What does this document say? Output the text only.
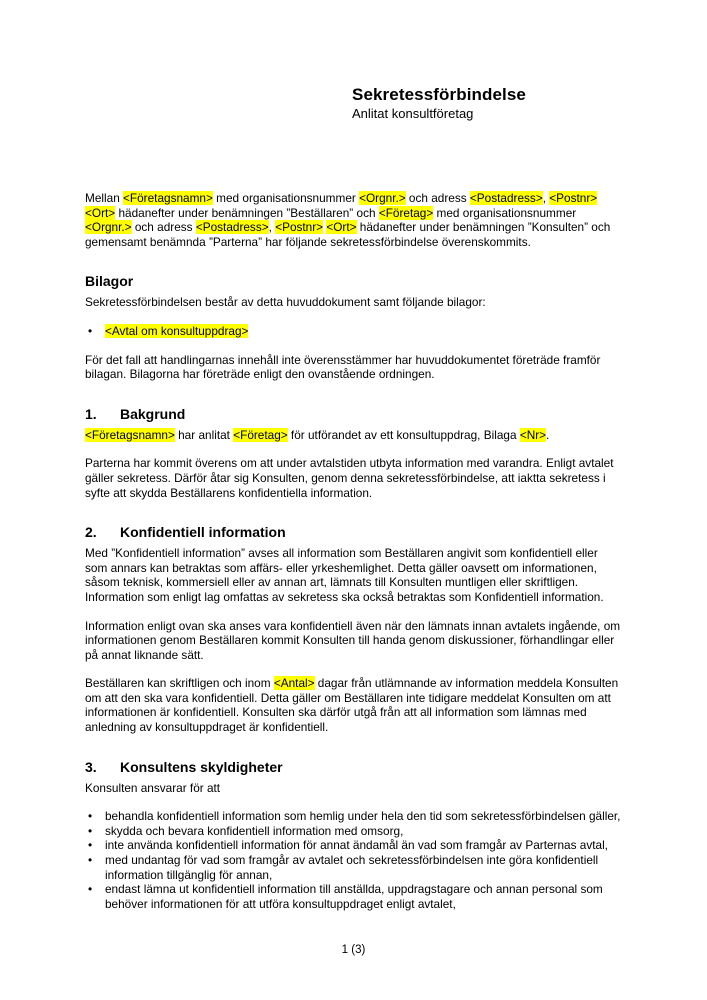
Sekretessförbindelse
Anlitat konsultföretag

Mellan <Företagsnamn> med organisationsnummer <Orgnr.> och adress <Postadress>, <Postnr> <Ort> hädanefter under benämningen ”Beställaren” och <Företag> med organisationsnummer <Orgnr.> och adress <Postadress>, <Postnr> <Ort> hädanefter under benämningen ”Konsulten” och gemensamt benämnda ”Parterna” har följande sekretessförbindelse överenskommits.

Bilagor

Sekretessförbindelsen består av detta huvuddokument samt följande bilagor:

• <Avtal om konsultuppdrag>

För det fall att handlingarnas innehåll inte överensstämmer har huvuddokumentet företräde framför bilagan. Bilagorna har företräde enligt den ovanstående ordningen.

1.	Bakgrund

<Företagsnamn> har anlitat <Företag> för utförandet av ett konsultuppdrag, Bilaga <Nr>.

Parterna har kommit överens om att under avtalstiden utbyta information med varandra. Enligt avtalet gäller sekretess. Därför åtar sig Konsulten, genom denna sekretessförbindelse, att iaktta sekretess i syfte att skydda Beställarens konfidentiella information.

2.	Konfidentiell information

Med ”Konfidentiell information” avses all information som Beställaren angivit som konfidentiell eller som annars kan betraktas som affärs- eller yrkeshemlighet. Detta gäller oavsett om informationen, såsom teknisk, kommersiell eller av annan art, lämnats till Konsulten muntligen eller skriftligen. Information som enligt lag omfattas av sekretess ska också betraktas som Konfidentiell information.

Information enligt ovan ska anses vara konfidentiell även när den lämnats innan avtalets ingående, om informationen genom Beställaren kommit Konsulten till handa genom diskussioner, förhandlingar eller på annat liknande sätt.

Beställaren kan skriftligen och inom <Antal> dagar från utlämnande av information meddela Konsulten om att den ska vara konfidentiell. Detta gäller om Beställaren inte tidigare meddelat Konsulten om att informationen är konfidentiell. Konsulten ska därför utgå från att all information som lämnas med anledning av konsultuppdraget är konfidentiell.

3.	Konsultens skyldigheter

Konsulten ansvarar för att

• behandla konfidentiell information som hemlig under hela den tid som sekretessförbindelsen gäller,
• skydda och bevara konfidentiell information med omsorg,
• inte använda konfidentiell information för annat ändamål än vad som framgår av Parternas avtal,
• med undantag för vad som framgår av avtalet och sekretessförbindelsen inte göra konfidentiell information tillgänglig för annan,
• endast lämna ut konfidentiell information till anställda, uppdragstagare och annan personal som behöver informationen för att utföra konsultuppdraget enligt avtalet,
1 (3)
